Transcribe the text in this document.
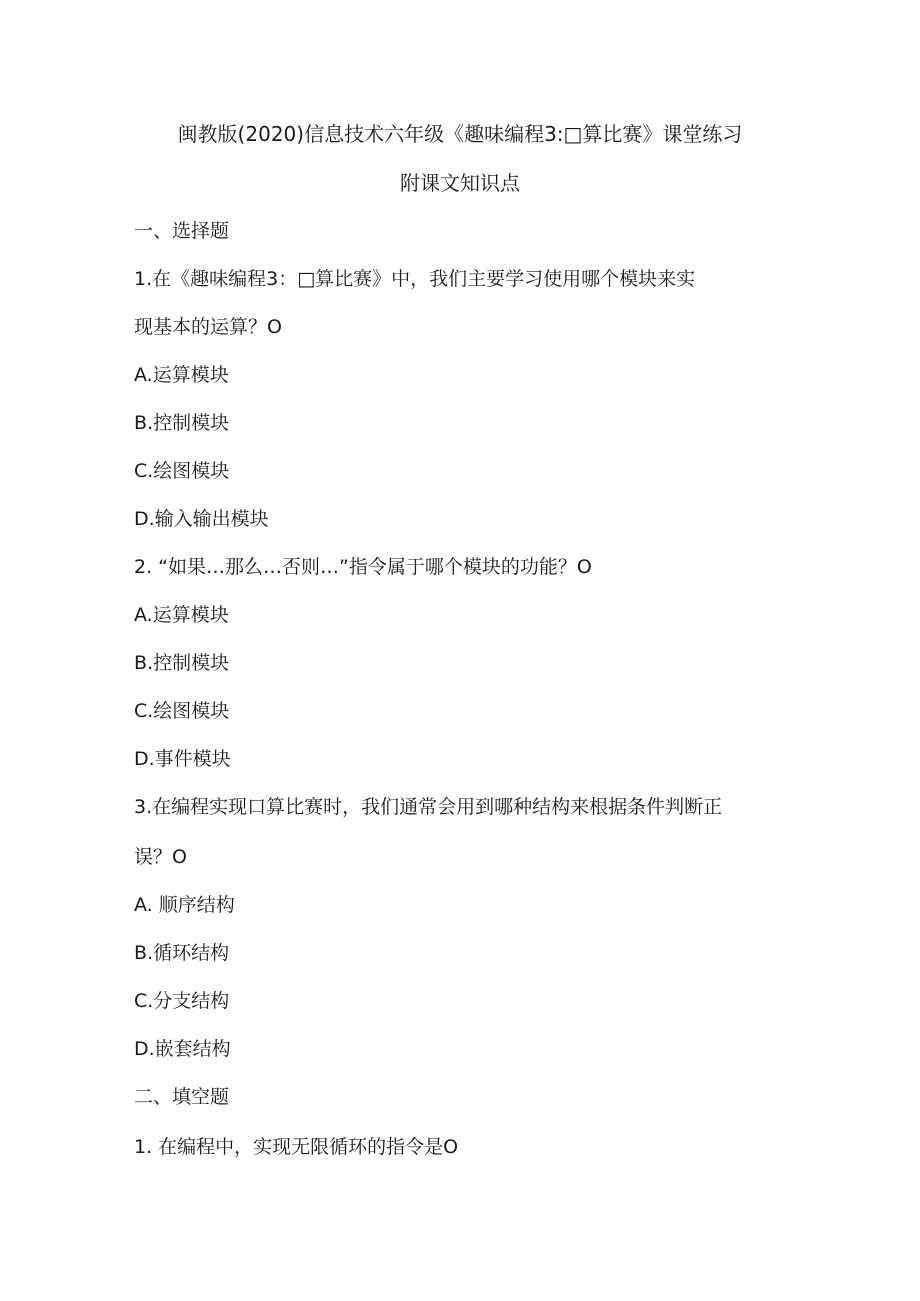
闽教版(2020)信息技术六年级《趣味编程3:□算比赛》课堂练习
附课文知识点
一、选择题
1.在《趣味编程3：□算比赛》中，我们主要学习使用哪个模块来实
现基本的运算？O
A.运算模块
B.控制模块
C.绘图模块
D.输入输出模块
2. “如果…那么…否则…”指令属于哪个模块的功能？O
A.运算模块
B.控制模块
C.绘图模块
D.事件模块
3.在编程实现口算比赛时，我们通常会用到哪种结构来根据条件判断正
误？O
A. 顺序结构
B.循环结构
C.分支结构
D.嵌套结构
二、填空题
1. 在编程中，实现无限循环的指令是O
